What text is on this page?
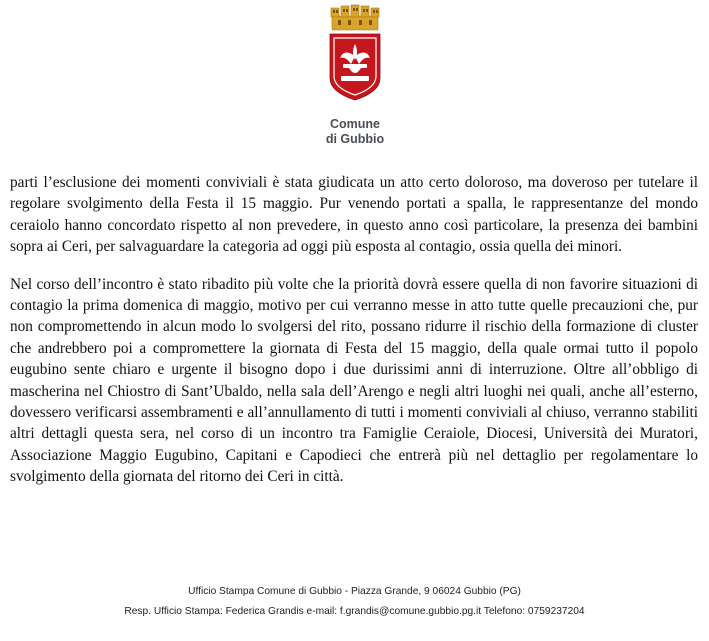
Comune
di Gubbio

parti l’esclusione dei momenti conviviali è stata giudicata un atto certo doloroso, ma doveroso per tutelare il regolare svolgimento della Festa il 15 maggio. Pur venendo portati a spalla, le rappresentanze del mondo ceraiolo hanno concordato rispetto al non prevedere, in questo anno così particolare, la presenza dei bambini sopra ai Ceri, per salvaguardare la categoria ad oggi più esposta al contagio, ossia quella dei minori.

Nel corso dell’incontro è stato ribadito più volte che la priorità dovrà essere quella di non favorire situazioni di contagio la prima domenica di maggio, motivo per cui verranno messe in atto tutte quelle precauzioni che, pur non compromettendo in alcun modo lo svolgersi del rito, possano ridurre il rischio della formazione di cluster che andrebbero poi a compromettere la giornata di Festa del 15 maggio, della quale ormai tutto il popolo eugubino sente chiaro e urgente il bisogno dopo i due durissimi anni di interruzione. Oltre all’obbligo di mascherina nel Chiostro di Sant’Ubaldo, nella sala dell’Arengo e negli altri luoghi nei quali, anche all’esterno, dovessero verificarsi assembramenti e all’annullamento di tutti i momenti conviviali al chiuso, verranno stabiliti altri dettagli questa sera, nel corso di un incontro tra Famiglie Ceraiole, Diocesi, Università dei Muratori, Associazione Maggio Eugubino, Capitani e Capodieci che entrerà più nel dettaglio per regolamentare lo svolgimento della giornata del ritorno dei Ceri in città.

Ufficio Stampa Comune di Gubbio - Piazza Grande, 9 06024 Gubbio (PG)
Resp. Ufficio Stampa: Federica Grandis e-mail: f.grandis@comune.gubbio.pg.it Telefono: 0759237204
